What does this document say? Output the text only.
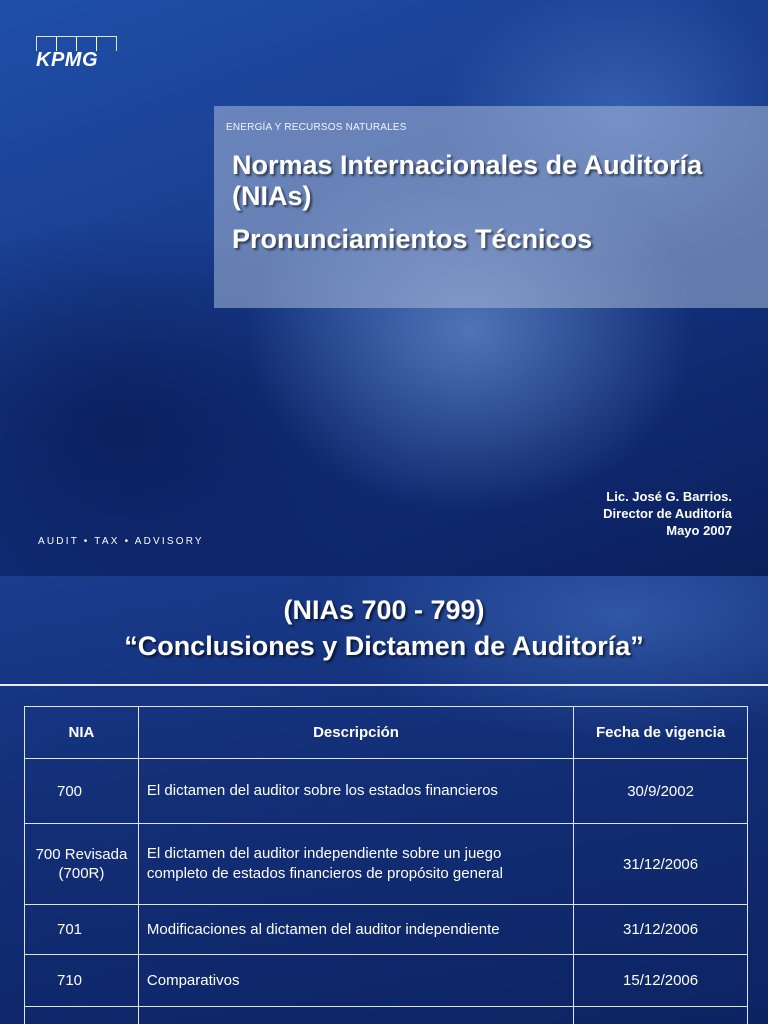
KPMG
ENERGÍA Y RECURSOS NATURALES
Normas Internacionales de Auditoría (NIAs)
Pronunciamientos Técnicos
Lic. José G. Barrios.
Director de Auditoría
Mayo 2007
AUDIT • TAX • ADVISORY
(NIAs 700 - 799)
“Conclusiones y Dictamen de Auditoría”
NIA	Descripción	Fecha de vigencia
700	El dictamen del auditor sobre los estados financieros	30/9/2002
700 Revisada (700R)	El dictamen del auditor independiente sobre un juego completo de estados financieros de propósito general	31/12/2006
701	Modificaciones al dictamen del auditor independiente	31/12/2006
710	Comparativos	15/12/2006
